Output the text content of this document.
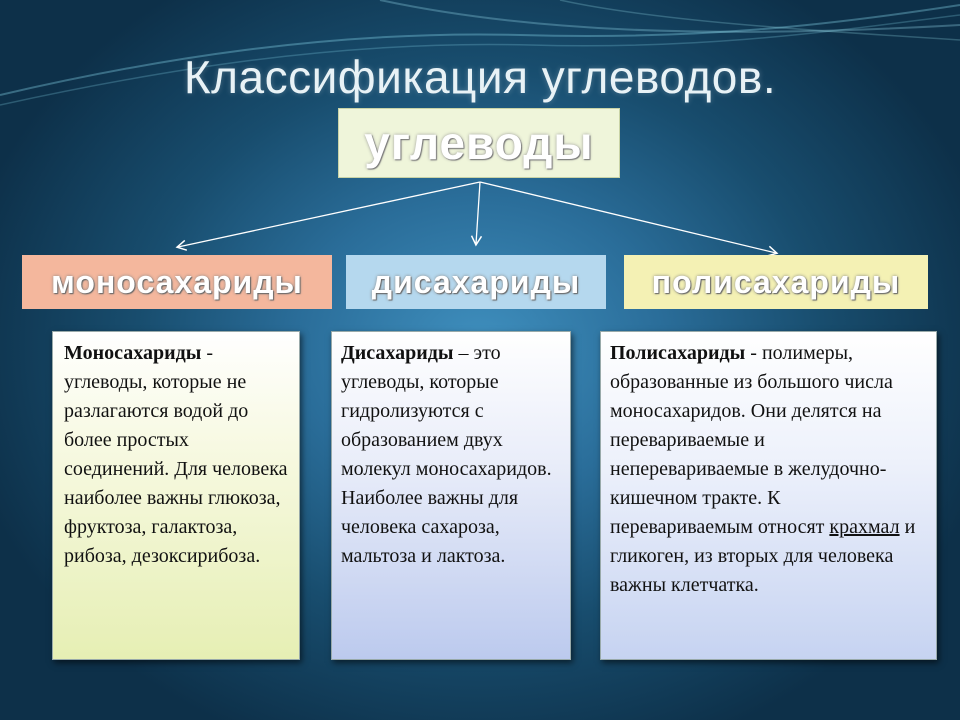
Классификация углеводов.
углеводы
моносахариды	дисахариды	полисахариды
Моносахариды - углеводы, которые не разлагаются водой до более простых соединений. Для человека наиболее важны глюкоза, фруктоза, галактоза, рибоза, дезоксирибоза.
Дисахариды – это углеводы, которые гидролизуются с образованием двух молекул моносахаридов. Наиболее важны для человека сахароза, мальтоза и лактоза.
Полисахариды - полимеры, образованные из большого числа моносахаридов. Они делятся на перевариваемые и неперевариваемые в желудочно-кишечном тракте. К перевариваемым относят крахмал и гликоген, из вторых для человека важны клетчатка.
